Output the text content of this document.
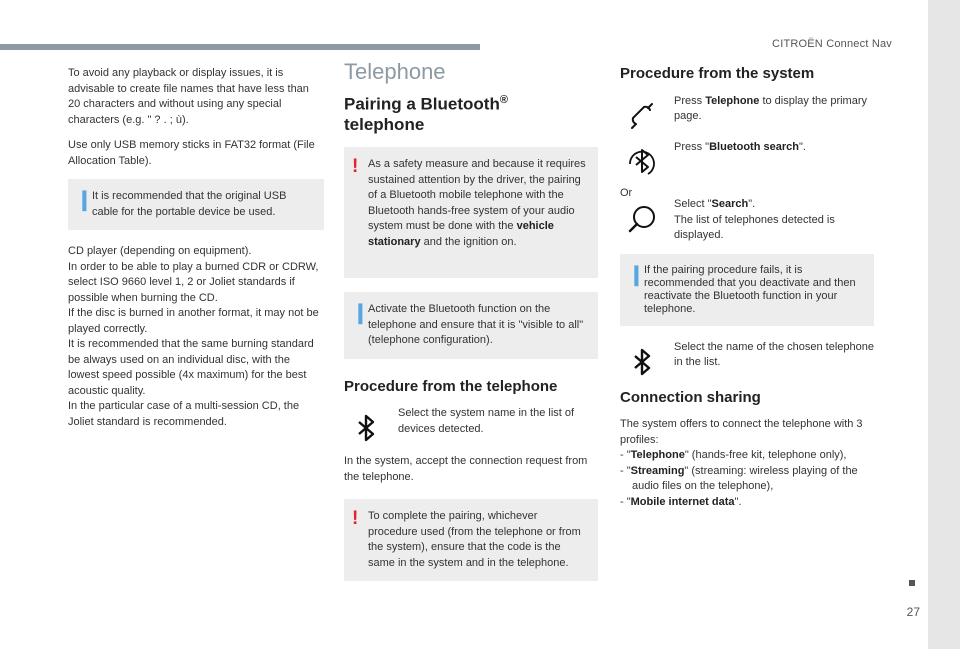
CITROËN Connect Nav

To avoid any playback or display issues, it is advisable to create file names that have less than 20 characters and without using any special characters (e.g. " ? . ; ù).

Use only USB memory sticks in FAT32 format (File Allocation Table).

❙ It is recommended that the original USB cable for the portable device be used.
CD player (depending on equipment).
In order to be able to play a burned CDR or CDRW, select ISO 9660 level 1, 2 or Joliet standards if possible when burning the CD.
If the disc is burned in another format, it may not be played correctly.
It is recommended that the same burning standard be always used on an individual disc, with the lowest speed possible (4x maximum) for the best acoustic quality.
In the particular case of a multi-session CD, the Joliet standard is recommended.
Telephone
Pairing a Bluetooth®
telephone
! As a safety measure and because it requires sustained attention by the driver, the pairing of a Bluetooth mobile telephone with the Bluetooth hands-free system of your audio system must be done with the vehicle stationary and the ignition on.
❙ Activate the Bluetooth function on the telephone and ensure that it is "visible to all" (telephone configuration).
Procedure from the telephone
Select the system name in the list of devices detected.

In the system, accept the connection request from the telephone.

! To complete the pairing, whichever procedure used (from the telephone or from the system), ensure that the code is the same in the system and in the telephone.
Procedure from the system
Press Telephone to display the primary page.
Press "Bluetooth search".

Or

Select "Search".
The list of telephones detected is displayed.
❙ If the pairing procedure fails, it is recommended that you deactivate and then reactivate the Bluetooth function in your telephone.
Select the name of the chosen telephone in the list.
Connection sharing

The system offers to connect the telephone with 3 profiles:

- "Telephone" (hands-free kit, telephone only),
- "Streaming" (streaming: wireless playing of the audio files on the telephone),
- "Mobile internet data".
27
